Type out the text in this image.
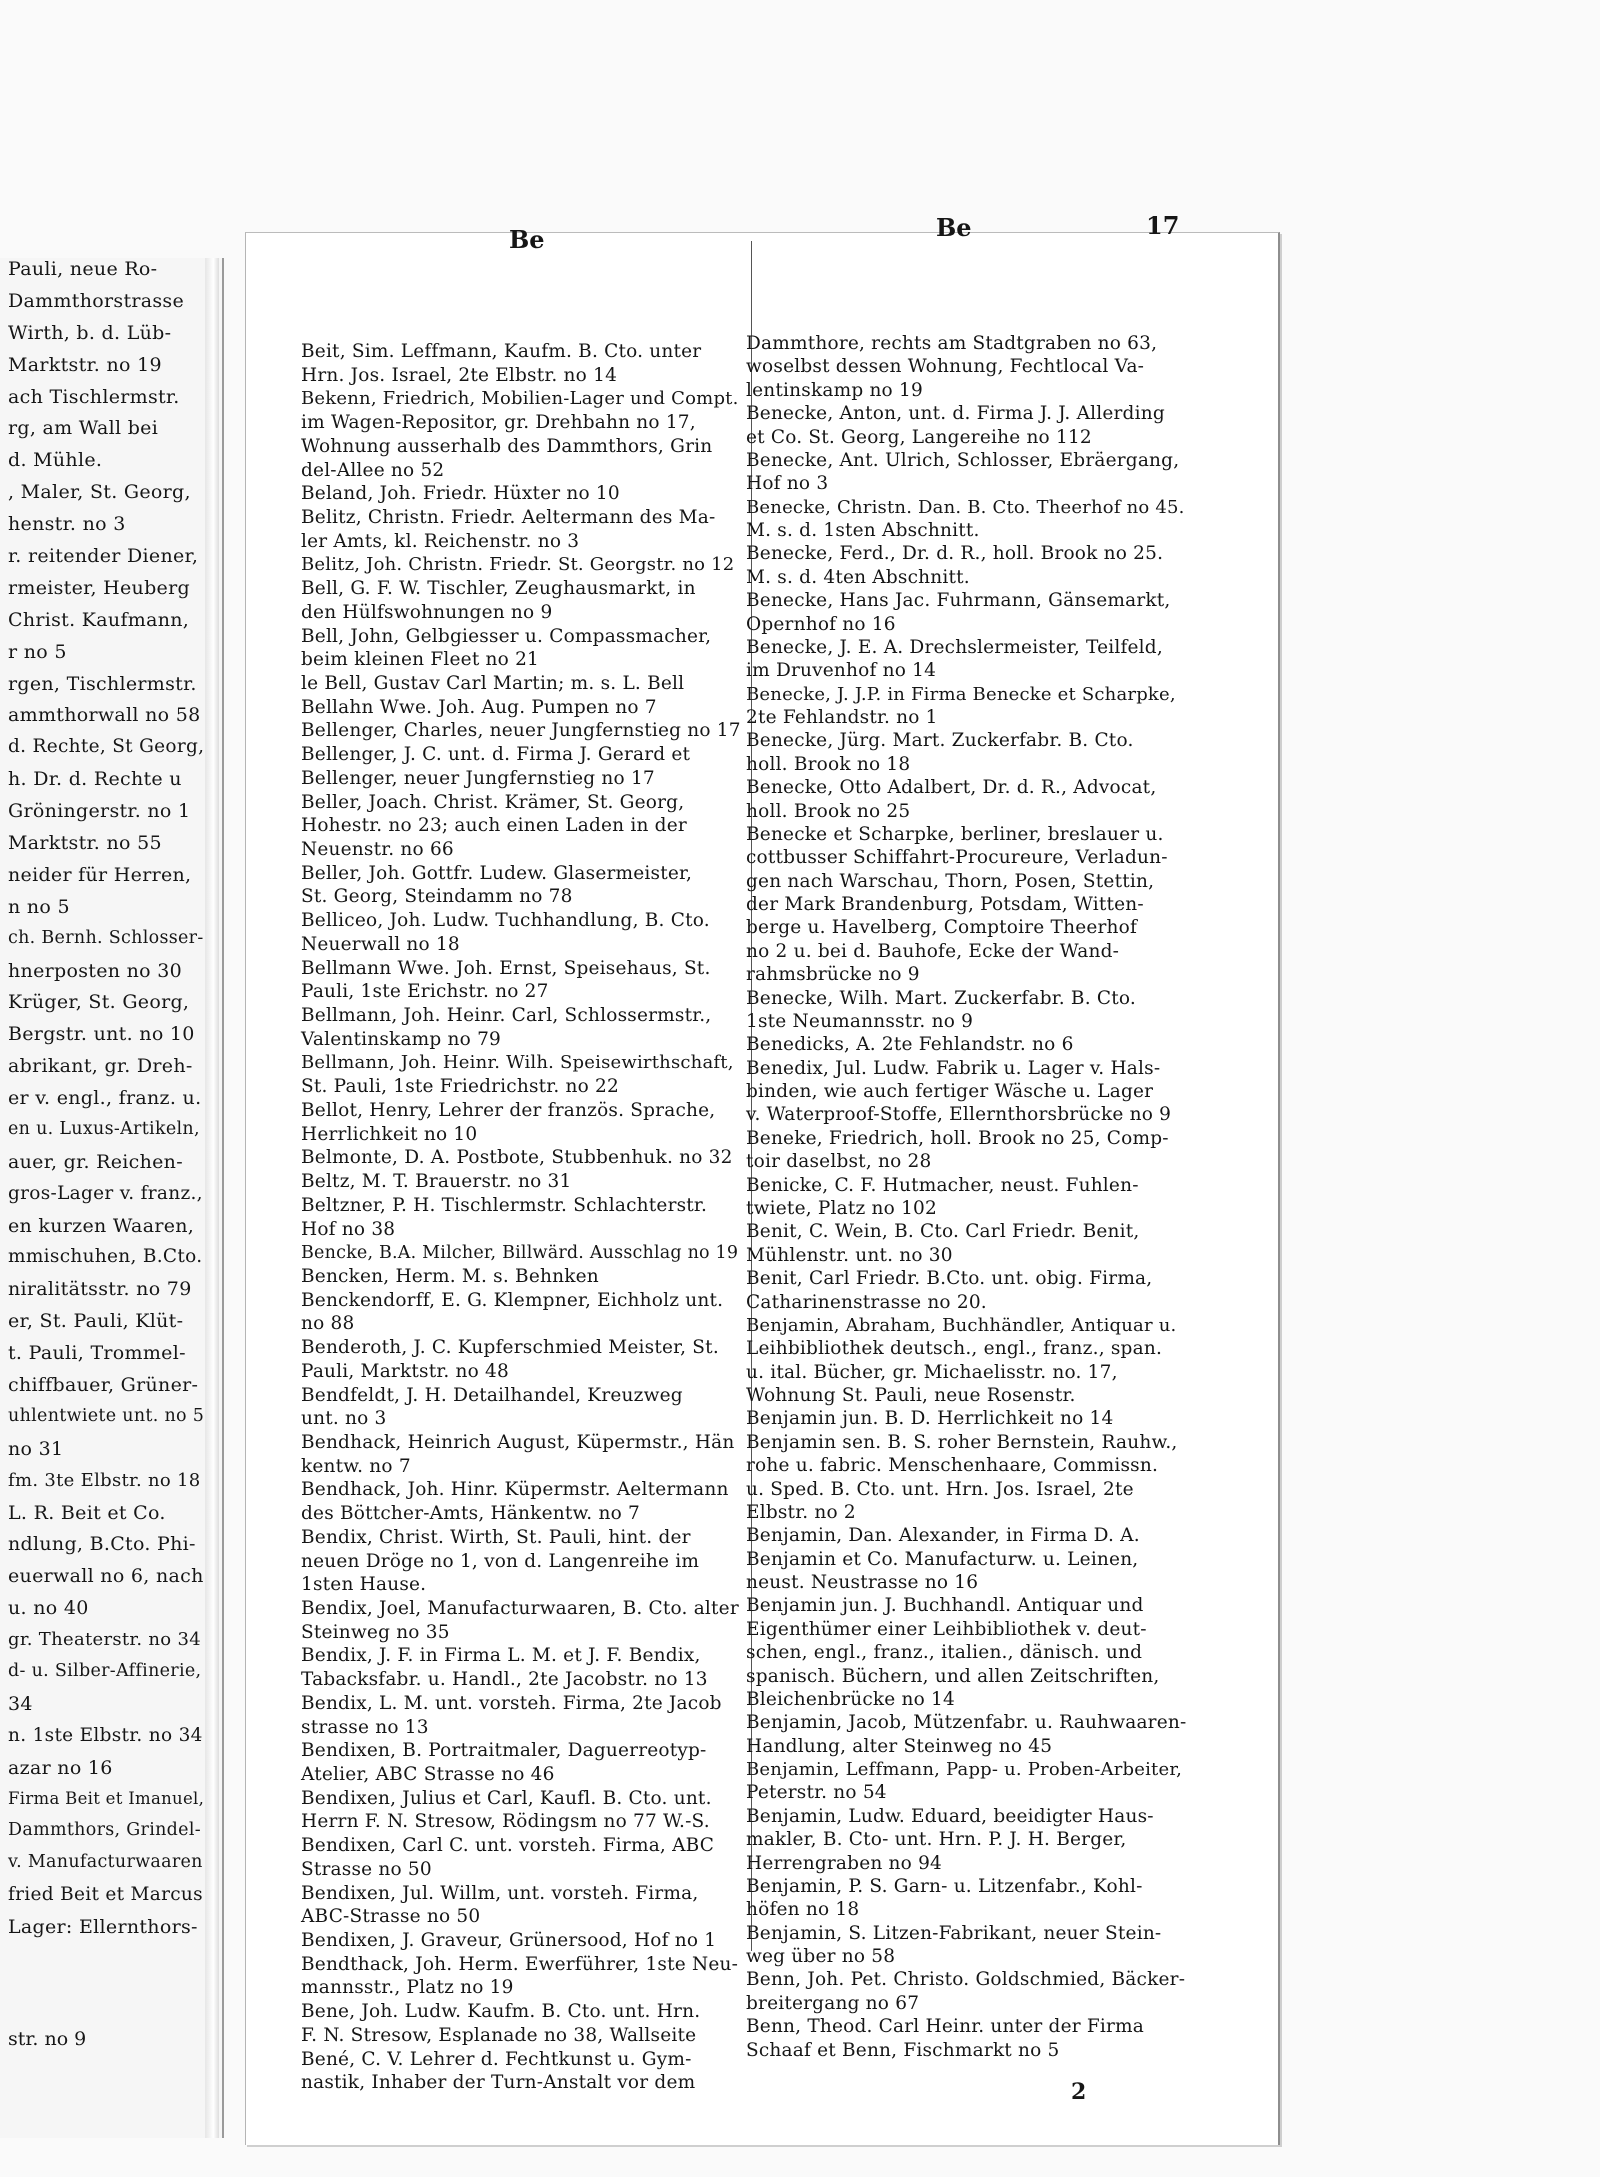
Pauli, neue Ro-
Dammthorstrasse
Wirth, b. d. Lüb-
Marktstr. no 19
ach Tischlermstr.
rg, am Wall bei
d. Mühle.
, Maler, St. Georg,
henstr. no 3
r. reitender Diener,
rmeister, Heuberg
Christ. Kaufmann,
r no 5
rgen, Tischlermstr.
ammthorwall no 58
d. Rechte, St Georg,
h. Dr. d. Rechte u
Gröningerstr. no 1
Marktstr. no 55
neider für Herren,
n no 5
ch. Bernh. Schlosser-
hnerposten no 30
Krüger, St. Georg,
Bergstr. unt. no 10
abrikant, gr. Dreh-
er v. engl., franz. u.
en u. Luxus-Artikeln,
auer, gr. Reichen-
gros-Lager v. franz.,
en kurzen Waaren,
mmischuhen, B.Cto.
niralitätsstr. no 79
er, St. Pauli, Klüt-
t. Pauli, Trommel-
chiffbauer, Grüner-
uhlentwiete unt. no 5
no 31
fm. 3te Elbstr. no 18
L. R. Beit et Co.
ndlung, B.Cto. Phi-
euerwall no 6, nach
u. no 40
gr. Theaterstr. no 34
d- u. Silber-Affinerie,
34
n. 1ste Elbstr. no 34
azar no 16
Firma Beit et Imanuel,
Dammthors, Grindel-
v. Manufacturwaaren
fried Beit et Marcus
Lager: Ellernthors-
str. no 9
Be	Be	17
2
Beit, Sim. Leffmann, Kaufm. B. Cto. unter
Hrn. Jos. Israel, 2te Elbstr. no 14
Bekenn, Friedrich, Mobilien-Lager und Compt.
im Wagen-Repositor, gr. Drehbahn no 17,
Wohnung ausserhalb des Dammthors, Grin
del-Allee no 52
Beland, Joh. Friedr. Hüxter no 10
Belitz, Christn. Friedr. Aeltermann des Ma-
ler Amts, kl. Reichenstr. no 3
Belitz, Joh. Christn. Friedr. St. Georgstr. no 12
Bell, G. F. W. Tischler, Zeughausmarkt, in
den Hülfswohnungen no 9
Bell, John, Gelbgiesser u. Compassmacher,
beim kleinen Fleet no 21
le Bell, Gustav Carl Martin; m. s. L. Bell
Bellahn Wwe. Joh. Aug. Pumpen no 7
Bellenger, Charles, neuer Jungfernstieg no 17
Bellenger, J. C. unt. d. Firma J. Gerard et
Bellenger, neuer Jungfernstieg no 17
Beller, Joach. Christ. Krämer, St. Georg,
Hohestr. no 23; auch einen Laden in der
Neuenstr. no 66
Beller, Joh. Gottfr. Ludew. Glasermeister,
St. Georg, Steindamm no 78
Belliceo, Joh. Ludw. Tuchhandlung, B. Cto.
Neuerwall no 18
Bellmann Wwe. Joh. Ernst, Speisehaus, St.
Pauli, 1ste Erichstr. no 27
Bellmann, Joh. Heinr. Carl, Schlossermstr.,
Valentinskamp no 79
Bellmann, Joh. Heinr. Wilh. Speisewirthschaft,
St. Pauli, 1ste Friedrichstr. no 22
Bellot, Henry, Lehrer der französ. Sprache,
Herrlichkeit no 10
Belmonte, D. A. Postbote, Stubbenhuk. no 32
Beltz, M. T. Brauerstr. no 31
Beltzner, P. H. Tischlermstr. Schlachterstr.
Hof no 38
Bencke, B.A. Milcher, Billwärd. Ausschlag no 19
Bencken, Herm. M. s. Behnken
Benckendorff, E. G. Klempner, Eichholz unt.
no 88
Benderoth, J. C. Kupferschmied Meister, St.
Pauli, Marktstr. no 48
Bendfeldt, J. H. Detailhandel, Kreuzweg
unt. no 3
Bendhack, Heinrich August, Küpermstr., Hän
kentw. no 7
Bendhack, Joh. Hinr. Küpermstr. Aeltermann
des Böttcher-Amts, Hänkentw. no 7
Bendix, Christ. Wirth, St. Pauli, hint. der
neuen Dröge no 1, von d. Langenreihe im
1sten Hause.
Bendix, Joel, Manufacturwaaren, B. Cto. alter
Steinweg no 35
Bendix, J. F. in Firma L. M. et J. F. Bendix,
Tabacksfabr. u. Handl., 2te Jacobstr. no 13
Bendix, L. M. unt. vorsteh. Firma, 2te Jacob
strasse no 13
Bendixen, B. Portraitmaler, Daguerreotyp-
Atelier, ABC Strasse no 46
Bendixen, Julius et Carl, Kaufl. B. Cto. unt.
Herrn F. N. Stresow, Rödingsm no 77 W.-S.
Bendixen, Carl C. unt. vorsteh. Firma, ABC
Strasse no 50
Bendixen, Jul. Willm, unt. vorsteh. Firma,
ABC-Strasse no 50
Bendixen, J. Graveur, Grünersood, Hof no 1
Bendthack, Joh. Herm. Ewerführer, 1ste Neu-
mannsstr., Platz no 19
Bene, Joh. Ludw. Kaufm. B. Cto. unt. Hrn.
F. N. Stresow, Esplanade no 38, Wallseite
Bené, C. V. Lehrer d. Fechtkunst u. Gym-
nastik, Inhaber der Turn-Anstalt vor dem
Dammthore, rechts am Stadtgraben no 63,
woselbst dessen Wohnung, Fechtlocal Va-
lentinskamp no 19
Benecke, Anton, unt. d. Firma J. J. Allerding
et Co. St. Georg, Langereihe no 112
Benecke, Ant. Ulrich, Schlosser, Ebräergang,
Hof no 3
Benecke, Christn. Dan. B. Cto. Theerhof no 45.
M. s. d. 1sten Abschnitt.
Benecke, Ferd., Dr. d. R., holl. Brook no 25.
M. s. d. 4ten Abschnitt.
Benecke, Hans Jac. Fuhrmann, Gänsemarkt,
Opernhof no 16
Benecke, J. E. A. Drechslermeister, Teilfeld,
im Druvenhof no 14
Benecke, J. J.P. in Firma Benecke et Scharpke,
2te Fehlandstr. no 1
Benecke, Jürg. Mart. Zuckerfabr. B. Cto.
holl. Brook no 18
Benecke, Otto Adalbert, Dr. d. R., Advocat,
holl. Brook no 25
Benecke et Scharpke, berliner, breslauer u.
cottbusser Schiffahrt-Procureure, Verladun-
gen nach Warschau, Thorn, Posen, Stettin,
der Mark Brandenburg, Potsdam, Witten-
berge u. Havelberg, Comptoire Theerhof
no 2 u. bei d. Bauhofe, Ecke der Wand-
rahmsbrücke no 9
Benecke, Wilh. Mart. Zuckerfabr. B. Cto.
1ste Neumannsstr. no 9
Benedicks, A. 2te Fehlandstr. no 6
Benedix, Jul. Ludw. Fabrik u. Lager v. Hals-
binden, wie auch fertiger Wäsche u. Lager
v. Waterproof-Stoffe, Ellernthorsbrücke no 9
Beneke, Friedrich, holl. Brook no 25, Comp-
toir daselbst, no 28
Benicke, C. F. Hutmacher, neust. Fuhlen-
twiete, Platz no 102
Benit, C. Wein, B. Cto. Carl Friedr. Benit,
Mühlenstr. unt. no 30
Benit, Carl Friedr. B.Cto. unt. obig. Firma,
Catharinenstrasse no 20.
Benjamin, Abraham, Buchhändler, Antiquar u.
Leihbibliothek deutsch., engl., franz., span.
u. ital. Bücher, gr. Michaelisstr. no. 17,
Wohnung St. Pauli, neue Rosenstr.
Benjamin jun. B. D. Herrlichkeit no 14
Benjamin sen. B. S. roher Bernstein, Rauhw.,
rohe u. fabric. Menschenhaare, Commissn.
u. Sped. B. Cto. unt. Hrn. Jos. Israel, 2te
Elbstr. no 2
Benjamin, Dan. Alexander, in Firma D. A.
Benjamin et Co. Manufacturw. u. Leinen,
neust. Neustrasse no 16
Benjamin jun. J. Buchhandl. Antiquar und
Eigenthümer einer Leihbibliothek v. deut-
schen, engl., franz., italien., dänisch. und
spanisch. Büchern, und allen Zeitschriften,
Bleichenbrücke no 14
Benjamin, Jacob, Mützenfabr. u. Rauhwaaren-
Handlung, alter Steinweg no 45
Benjamin, Leffmann, Papp- u. Proben-Arbeiter,
Peterstr. no 54
Benjamin, Ludw. Eduard, beeidigter Haus-
makler, B. Cto- unt. Hrn. P. J. H. Berger,
Herrengraben no 94
Benjamin, P. S. Garn- u. Litzenfabr., Kohl-
höfen no 18
Benjamin, S. Litzen-Fabrikant, neuer Stein-
weg über no 58
Benn, Joh. Pet. Christo. Goldschmied, Bäcker-
breitergang no 67
Benn, Theod. Carl Heinr. unter der Firma
Schaaf et Benn, Fischmarkt no 5
